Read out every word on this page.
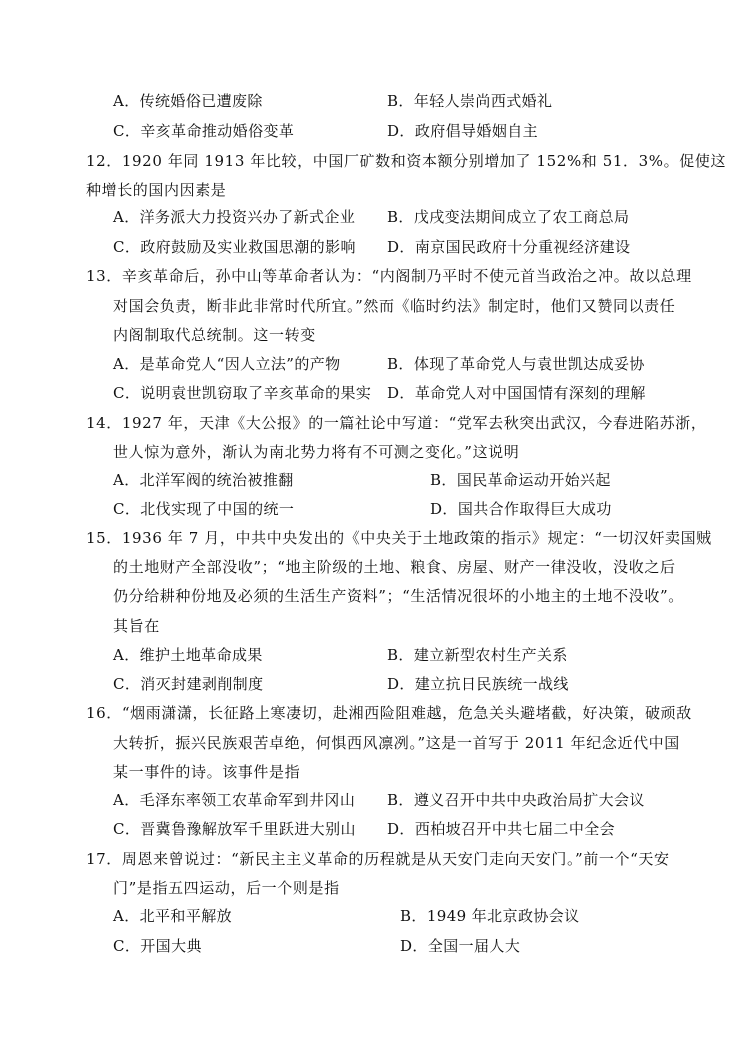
A．传统婚俗已遭废除	B．年轻人崇尚西式婚礼
C．辛亥革命推动婚俗变革	D．政府倡导婚姻自主
12．1920 年同 1913 年比较，中国厂矿数和资本额分别增加了 152%和 51．3%。促使这
种增长的国内因素是
A．洋务派大力投资兴办了新式企业 B．戊戌变法期间成立了农工商总局
C．政府鼓励及实业救国思潮的影响 D．南京国民政府十分重视经济建设
13．辛亥革命后，孙中山等革命者认为：“内阁制乃平时不使元首当政治之冲。故以总理
对国会负责，断非此非常时代所宜。”然而《临时约法》制定时，他们又赞同以责任
内阁制取代总统制。这一转变
A．是革命党人“因人立法”的产物	B．体现了革命党人与袁世凯达成妥协
C．说明袁世凯窃取了辛亥革命的果实 D．革命党人对中国国情有深刻的理解
14．1927 年，天津《大公报》的一篇社论中写道：“党军去秋突出武汉，今春进陷苏浙，
世人惊为意外，渐认为南北势力将有不可测之变化。”这说明
A．北洋军阀的统治被推翻	B．国民革命运动开始兴起
C．北伐实现了中国的统一	D．国共合作取得巨大成功
15．1936 年 7 月，中共中央发出的《中央关于土地政策的指示》规定：“一切汉奸卖国贼
的土地财产全部没收”；“地主阶级的土地、粮食、房屋、财产一律没收，没收之后
仍分给耕种份地及必须的生活生产资料”；“生活情况很坏的小地主的土地不没收”。
其旨在
A．维护土地革命成果	B．建立新型农村生产关系
C．消灭封建剥削制度	D．建立抗日民族统一战线
16．“烟雨潇潇，长征路上寒凄切，赴湘西险阻难越，危急关头避堵截，好决策，破顽敌
大转折，振兴民族艰苦卓绝，何惧西风凛冽。”这是一首写于 2011 年纪念近代中国
某一事件的诗。该事件是指
A．毛泽东率领工农革命军到井冈山 B．遵义召开中共中央政治局扩大会议
C．晋冀鲁豫解放军千里跃进大别山 D．西柏坡召开中共七届二中全会
17．周恩来曾说过：“新民主主义革命的历程就是从天安门走向天安门。”前一个“天安
门”是指五四运动，后一个则是指
A．北平和平解放	B．1949 年北京政协会议
C．开国大典	D．全国一届人大
